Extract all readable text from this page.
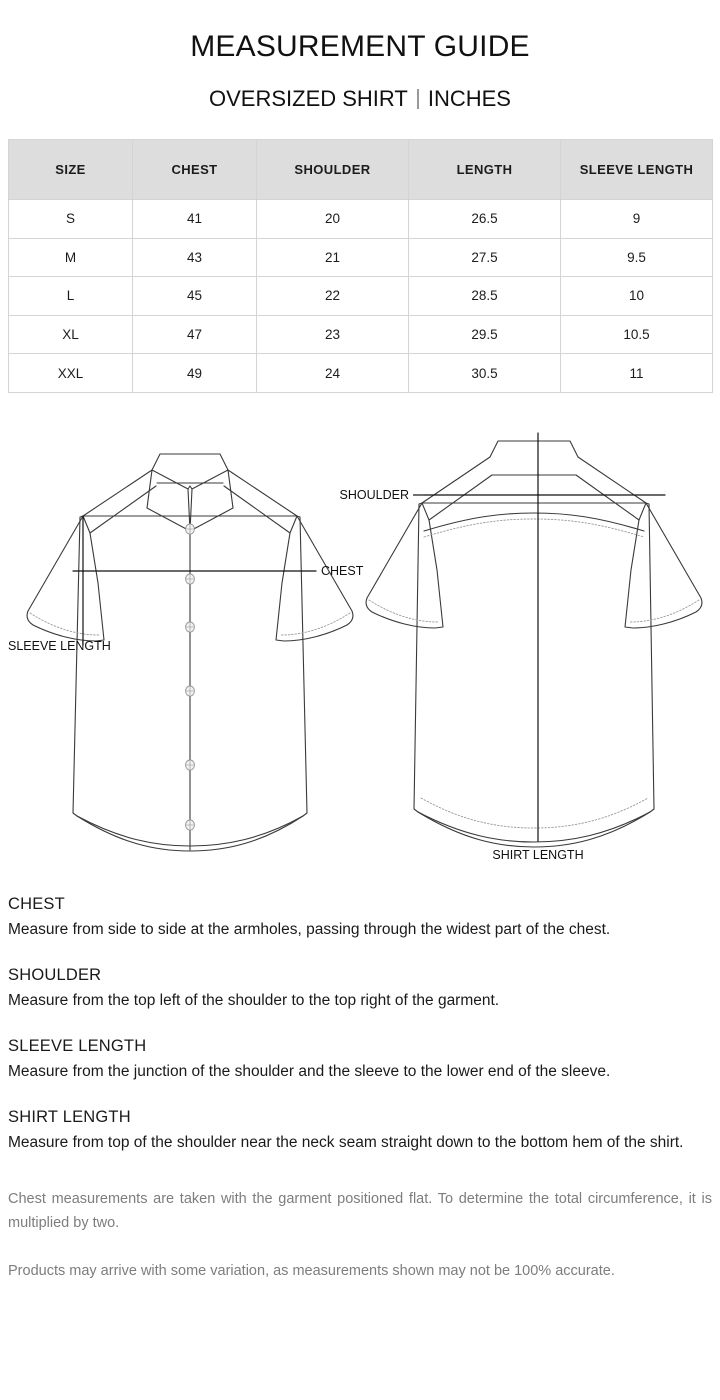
MEASUREMENT GUIDE
OVERSIZED SHIRT INCHES
SIZE	CHEST	SHOULDER	LENGTH	SLEEVE LENGTH
S	41	20	26.5	9
M	43	21	27.5	9.5
L	45	22	28.5	10
XL	47	23	29.5	10.5
XXL	49	24	30.5	11
SLEEVE LENGTH
CHEST
SHOULDER
SHIRT LENGTH

CHEST

Measure from side to side at the armholes, passing through the widest part of the chest.

SHOULDER

Measure from the top left of the shoulder to the top right of the garment.

SLEEVE LENGTH

Measure from the junction of the shoulder and the sleeve to the lower end of the sleeve.

SHIRT LENGTH

Measure from top of the shoulder near the neck seam straight down to the bottom hem of the shirt.

Chest measurements are taken with the garment positioned flat. To determine the total circumference, it is multiplied by two.

Products may arrive with some variation, as measurements shown may not be 100% accurate.
